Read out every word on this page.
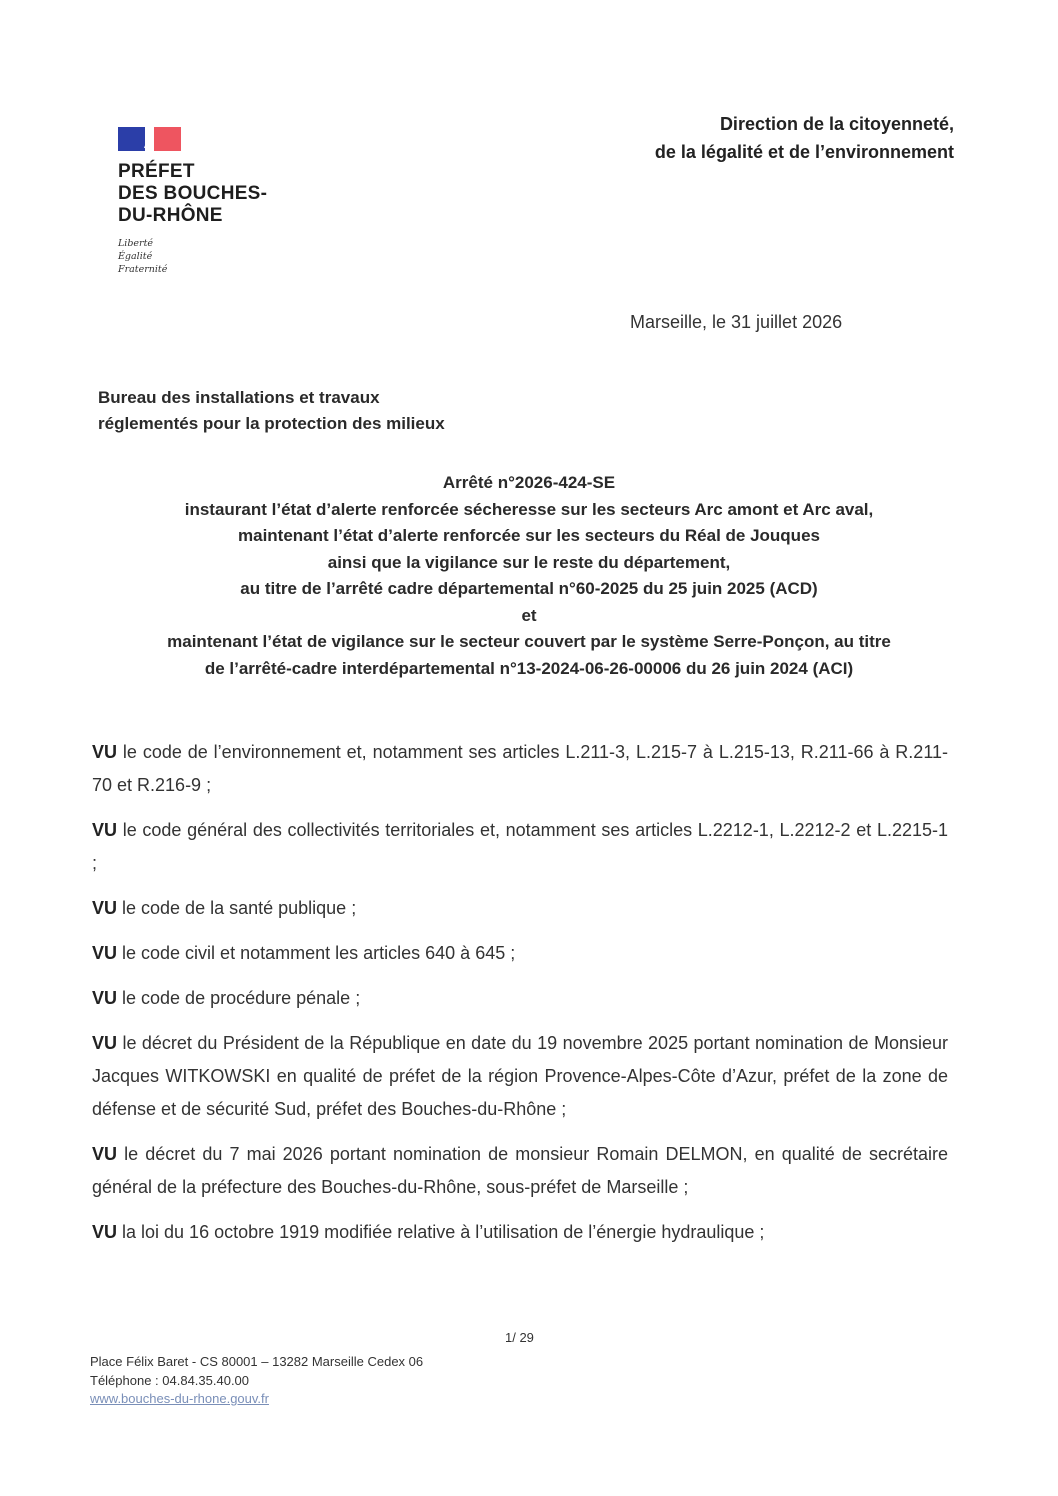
PRÉFET
DES BOUCHES-
DU-RHÔNE
Liberté
Égalité
Fraternité
Direction de la citoyenneté,
de la légalité et de l’environnement
Marseille, le 31 juillet 2026
Bureau des installations et travaux
réglementés pour la protection des milieux
Arrêté n°2026-424-SE
instaurant l’état d’alerte renforcée sécheresse sur les secteurs Arc amont et Arc aval,
maintenant l’état d’alerte renforcée sur les secteurs du Réal de Jouques
ainsi que la vigilance sur le reste du département,
au titre de l’arrêté cadre départemental n°60-2025 du 25 juin 2025 (ACD)
et
maintenant l’état de vigilance sur le secteur couvert par le système Serre-Ponçon, au titre
de l’arrêté-cadre interdépartemental n°13-2024-06-26-00006 du 26 juin 2024 (ACI)

VU le code de l’environnement et, notamment ses articles L.211-3, L.215-7 à L.215-13, R.211-66 à R.211-70 et R.216-9 ;

VU le code général des collectivités territoriales et, notamment ses articles L.2212-1, L.2212-2 et L.2215-1 ;

VU le code de la santé publique ;

VU le code civil et notamment les articles 640 à 645 ;

VU le code de procédure pénale ;

VU le décret du Président de la République en date du 19 novembre 2025 portant nomination de Monsieur Jacques WITKOWSKI en qualité de préfet de la région Provence-Alpes-Côte d’Azur, préfet de la zone de défense et de sécurité Sud, préfet des Bouches-du-Rhône ;

VU le décret du 7 mai 2026 portant nomination de monsieur Romain DELMON, en qualité de secrétaire général de la préfecture des Bouches-du-Rhône, sous-préfet de Marseille ;

VU la loi du 16 octobre 1919 modifiée relative à l’utilisation de l’énergie hydraulique ;

1/ 29
Place Félix Baret - CS 80001 – 13282 Marseille Cedex 06
Téléphone : 04.84.35.40.00
www.bouches-du-rhone.gouv.fr
